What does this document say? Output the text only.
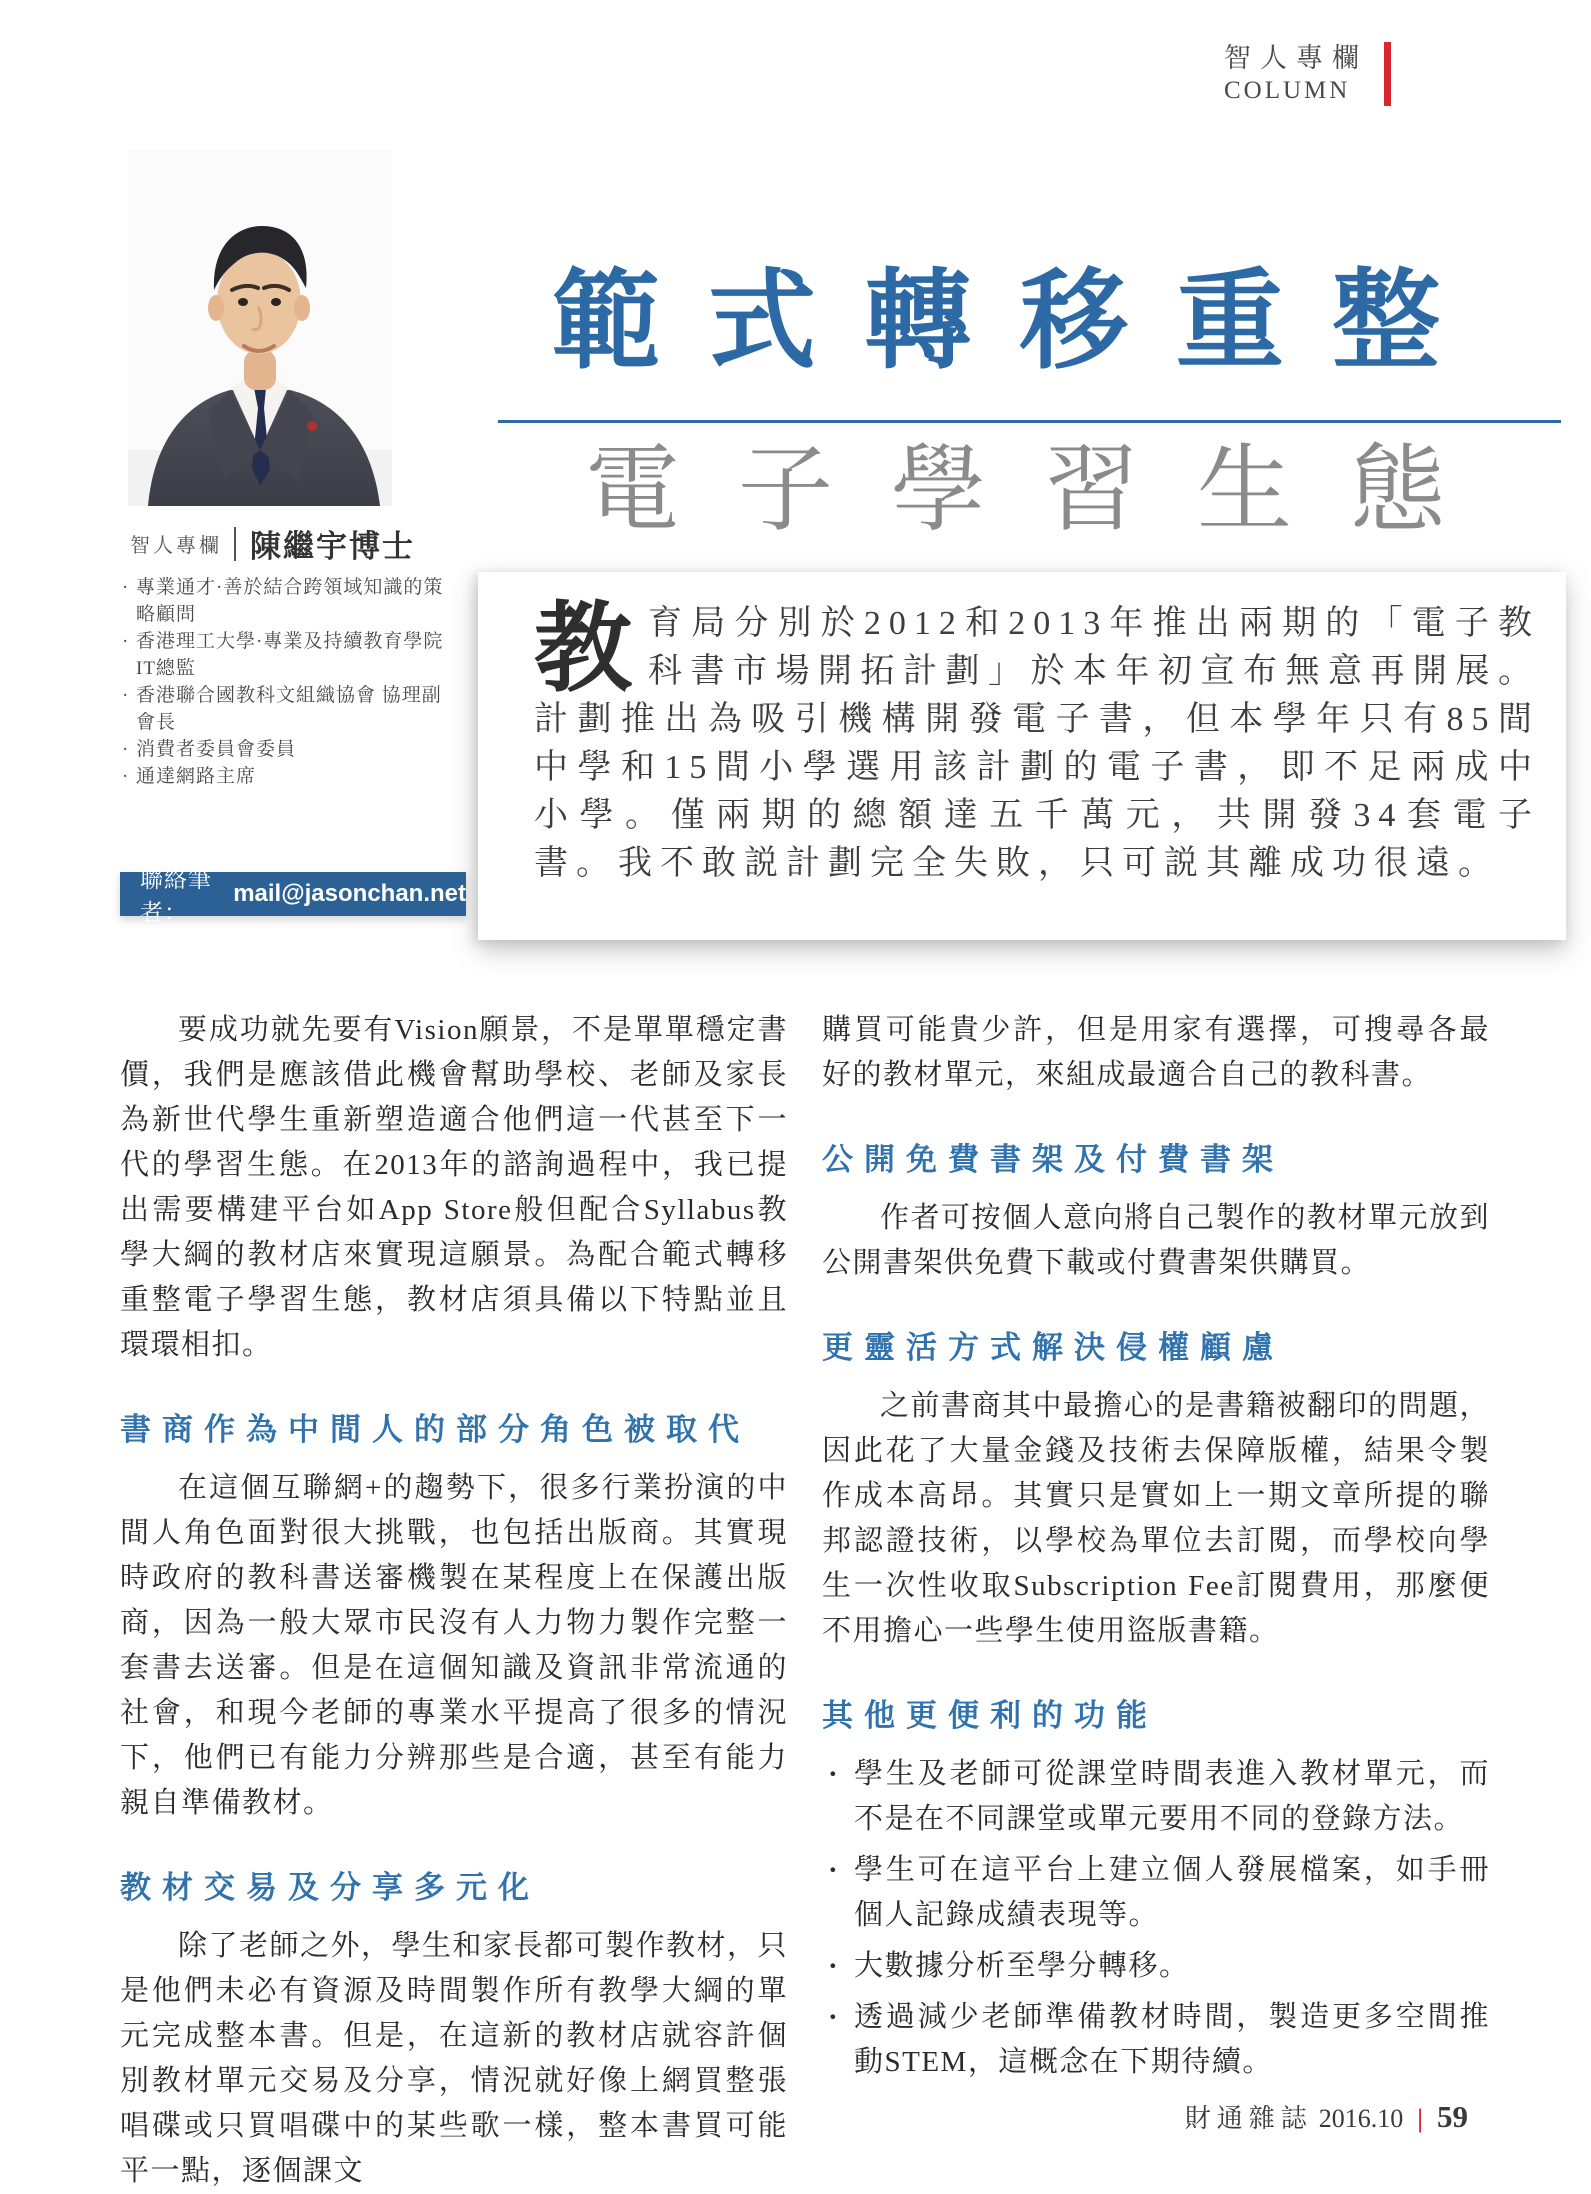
智人專欄
COLUMN
智人專欄 陳繼宇博士
· 專業通才·善於結合跨領域知識的策略顧問
· 香港理工大學·專業及持續教育學院IT總監
· 香港聯合國教科文組織協會 協理副會長
· 消費者委員會委員
· 通達網路主席
範式轉移重整
電子學習生態
教育局分別於2012和2013年推出兩期的「電子教科書市場開拓計劃」於本年初宣布無意再開展。計劃推出為吸引機構開發電子書，但本學年只有85間中學和15間小學選用該計劃的電子書，即不足兩成中小學。僅兩期的總額達五千萬元，共開發34套電子書。我不敢説計劃完全失敗，只可説其離成功很遠。
聯絡筆者：
mail@jasonchan.net

要成功就先要有Vision願景，不是單單穩定書價，我們是應該借此機會幫助學校、老師及家長為新世代學生重新塑造適合他們這一代甚至下一代的學習生態。在2013年的諮詢過程中，我已提出需要構建平台如App Store般但配合Syllabus教學大綱的教材店來實現這願景。為配合範式轉移重整電子學習生態，教材店須具備以下特點並且環環相扣。

書商作為中間人的部分角色被取代

在這個互聯網+的趨勢下，很多行業扮演的中間人角色面對很大挑戰，也包括出版商。其實現時政府的教科書送審機製在某程度上在保護出版商，因為一般大眾市民沒有人力物力製作完整一套書去送審。但是在這個知識及資訊非常流通的社會，和現今老師的專業水平提高了很多的情況下，他們已有能力分辨那些是合適，甚至有能力親自準備教材。

教材交易及分享多元化

除了老師之外，學生和家長都可製作教材，只是他們未必有資源及時間製作所有教學大綱的單元完成整本書。但是，在這新的教材店就容許個別教材單元交易及分享，情況就好像上網買整張唱碟或只買唱碟中的某些歌一樣，整本書買可能平一點，逐個課文

購買可能貴少許，但是用家有選擇，可搜尋各最好的教材單元，來組成最適合自己的教科書。

公開免費書架及付費書架

作者可按個人意向將自己製作的教材單元放到公開書架供免費下載或付費書架供購買。

更靈活方式解決侵權顧慮

之前書商其中最擔心的是書籍被翻印的問題，因此花了大量金錢及技術去保障版權，結果令製作成本高昂。其實只是實如上一期文章所提的聯邦認證技術，以學校為單位去訂閱，而學校向學生一次性收取Subscription Fee訂閱費用，那麼便不用擔心一些學生使用盜版書籍。

其他更便利的功能
· 學生及老師可從課堂時間表進入教材單元，而不是在不同課堂或單元要用不同的登錄方法。
· 學生可在這平台上建立個人發展檔案，如手冊個人記錄成績表現等。
· 大數據分析至學分轉移。
· 透過減少老師準備教材時間，製造更多空間推動STEM，這概念在下期待續。
財通雜誌 2016.10 | 59
